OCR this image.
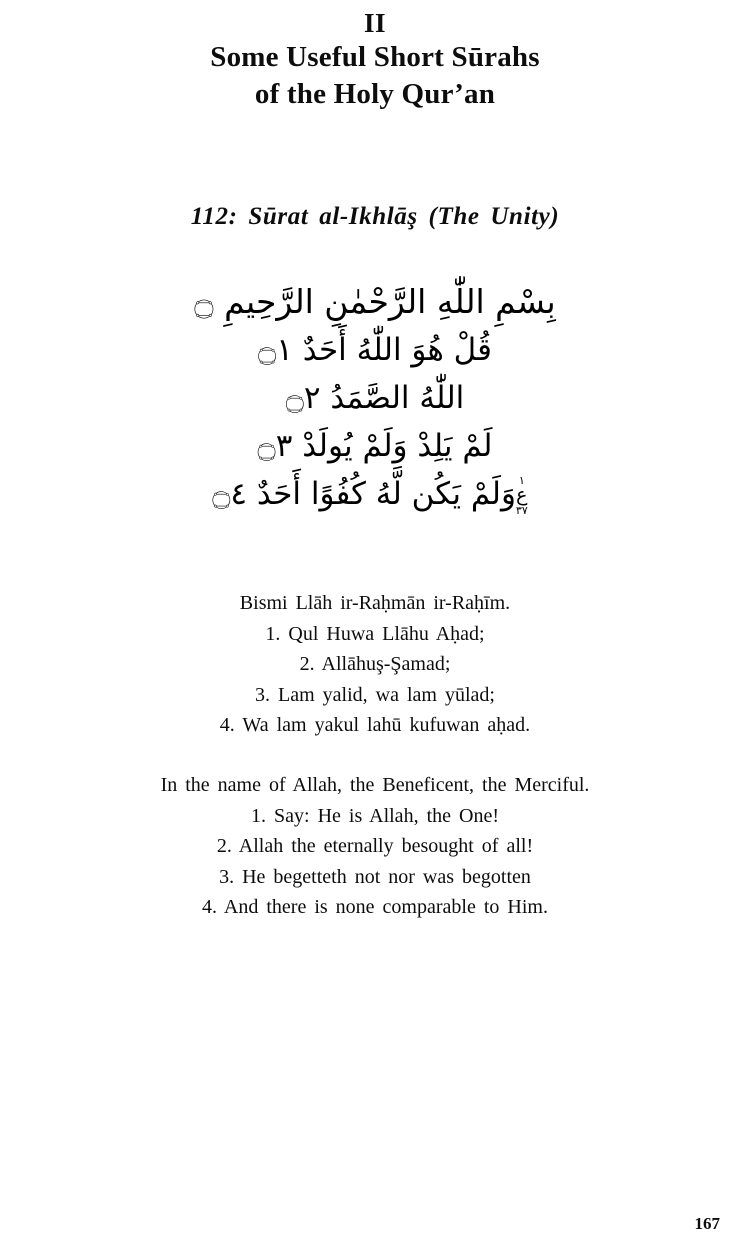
II
Some Useful Short Sūrahs
of the Holy Qur’an
112: Sūrat al-Ikhlāş (The Unity)
بِسْمِ اللّٰهِ الرَّحْمٰنِ الرَّحِيمِ ۝
قُلْ هُوَ اللّٰهُ أَحَدٌ ۝١
اللّٰهُ الصَّمَدُ ۝٢
لَمْ يَلِدْ وَلَمْ يُولَدْ ۝٣
١
ع
٣٧
وَلَمْ يَكُن لَّهُ كُفُوًا أَحَدٌ ۝٤
Bismi Llāh ir-Raḥmān ir-Raḥīm.
1. Qul Huwa Llāhu Aḥad;
2. Allāhuş-Şamad;
3. Lam yalid, wa lam yūlad;
4. Wa lam yakul lahū kufuwan aḥad.
In the name of Allah, the Beneficent, the Merciful.
1. Say: He is Allah, the One!
2. Allah the eternally besought of all!
3. He begetteth not nor was begotten
4. And there is none comparable to Him.
167
